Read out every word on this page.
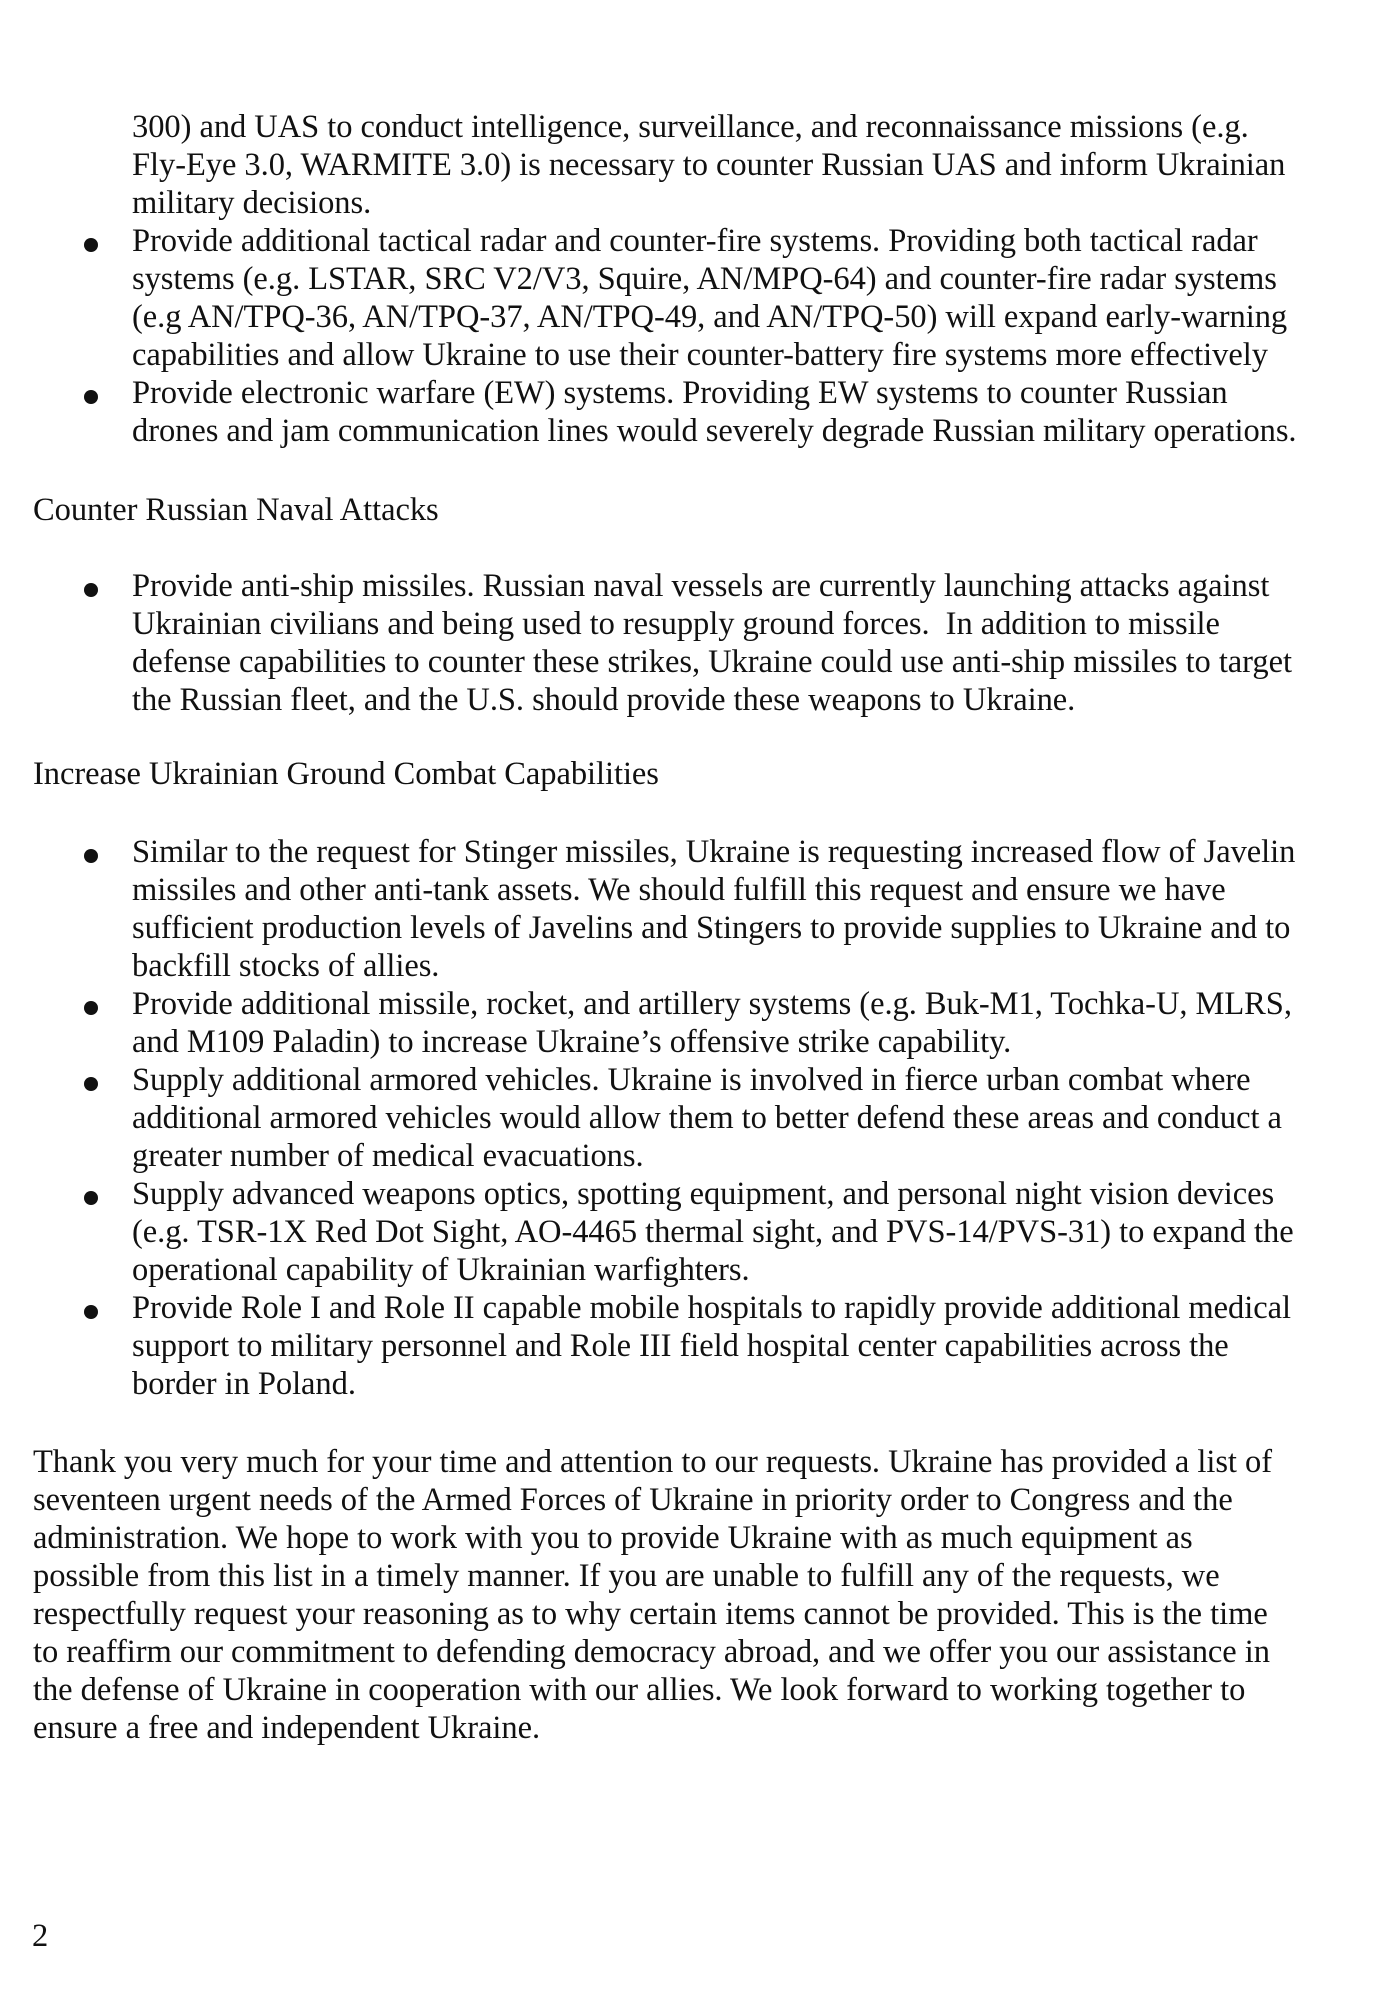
300) and UAS to conduct intelligence, surveillance, and reconnaissance missions (e.g.
Fly-Eye 3.0, WARMITE 3.0) is necessary to counter Russian UAS and inform Ukrainian
military decisions.
Provide additional tactical radar and counter-fire systems. Providing both tactical radar
systems (e.g. LSTAR, SRC V2/V3, Squire, AN/MPQ-64) and counter-fire radar systems
(e.g AN/TPQ-36, AN/TPQ-37, AN/TPQ-49, and AN/TPQ-50) will expand early-warning
capabilities and allow Ukraine to use their counter-battery fire systems more effectively
Provide electronic warfare (EW) systems. Providing EW systems to counter Russian
drones and jam communication lines would severely degrade Russian military operations.
Counter Russian Naval Attacks
Provide anti-ship missiles. Russian naval vessels are currently launching attacks against
Ukrainian civilians and being used to resupply ground forces.  In addition to missile
defense capabilities to counter these strikes, Ukraine could use anti-ship missiles to target
the Russian fleet, and the U.S. should provide these weapons to Ukraine.
Increase Ukrainian Ground Combat Capabilities
Similar to the request for Stinger missiles, Ukraine is requesting increased flow of Javelin
missiles and other anti-tank assets. We should fulfill this request and ensure we have
sufficient production levels of Javelins and Stingers to provide supplies to Ukraine and to
backfill stocks of allies.
Provide additional missile, rocket, and artillery systems (e.g. Buk-M1, Tochka-U, MLRS,
and M109 Paladin) to increase Ukraine’s offensive strike capability.
Supply additional armored vehicles. Ukraine is involved in fierce urban combat where
additional armored vehicles would allow them to better defend these areas and conduct a
greater number of medical evacuations.
Supply advanced weapons optics, spotting equipment, and personal night vision devices
(e.g. TSR-1X Red Dot Sight, AO-4465 thermal sight, and PVS-14/PVS-31) to expand the
operational capability of Ukrainian warfighters.
Provide Role I and Role II capable mobile hospitals to rapidly provide additional medical
support to military personnel and Role III field hospital center capabilities across the
border in Poland.
Thank you very much for your time and attention to our requests. Ukraine has provided a list of
seventeen urgent needs of the Armed Forces of Ukraine in priority order to Congress and the
administration. We hope to work with you to provide Ukraine with as much equipment as
possible from this list in a timely manner. If you are unable to fulfill any of the requests, we
respectfully request your reasoning as to why certain items cannot be provided. This is the time
to reaffirm our commitment to defending democracy abroad, and we offer you our assistance in
the defense of Ukraine in cooperation with our allies. We look forward to working together to
ensure a free and independent Ukraine.
2
